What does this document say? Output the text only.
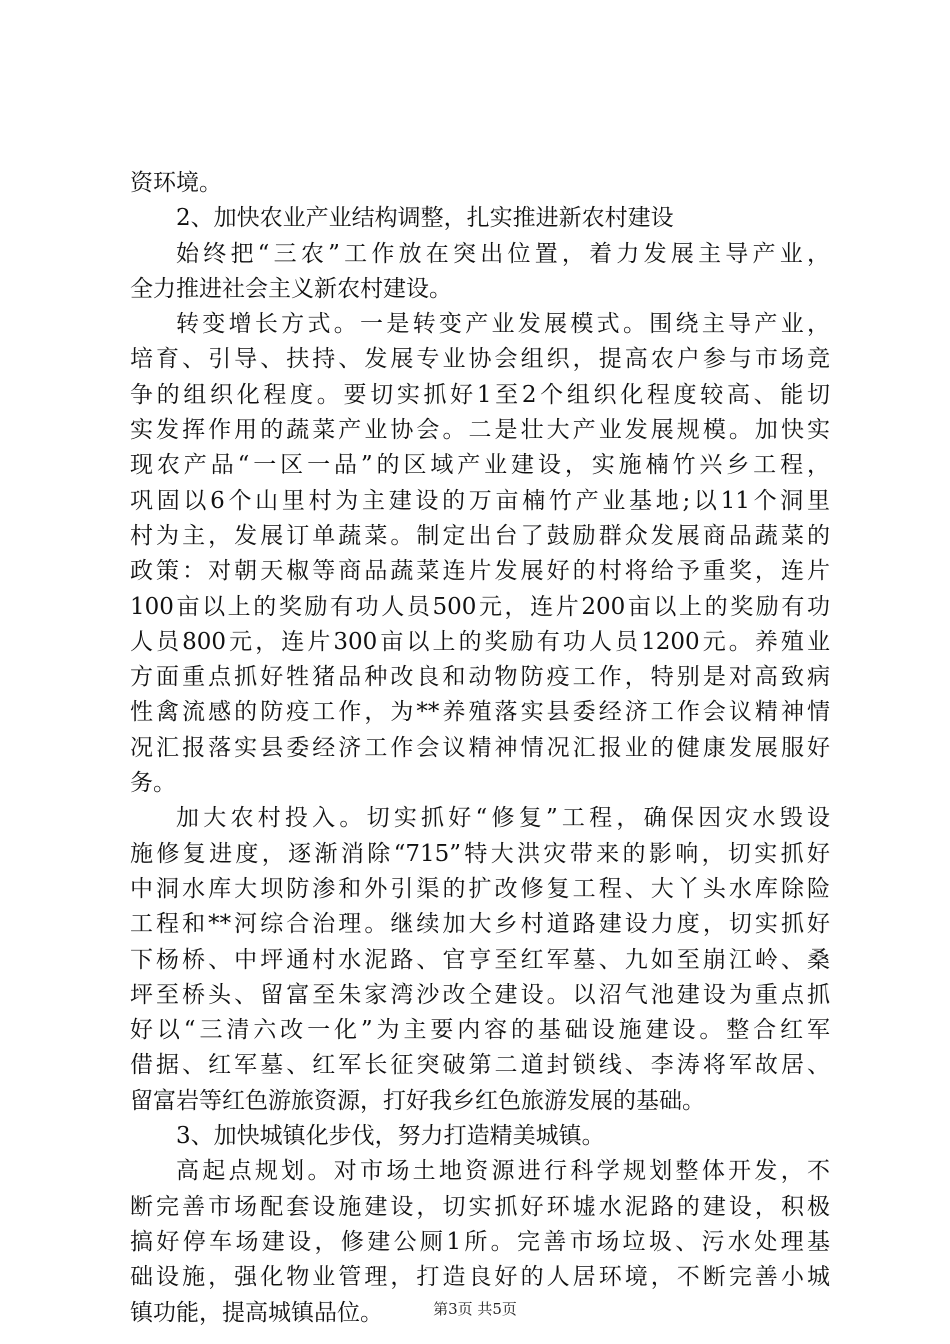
资环境。
2、加快农业产业结构调整，扎实推进新农村建设
始终把“三农”工作放在突出位置，着力发展主导产业，
全力推进社会主义新农村建设。
转变增长方式。一是转变产业发展模式。围绕主导产业，
培育、引导、扶持、发展专业协会组织，提高农户参与市场竞
争的组织化程度。要切实抓好1至2个组织化程度较高、能切
实发挥作用的蔬菜产业协会。二是壮大产业发展规模。加快实
现农产品“一区一品”的区域产业建设，实施楠竹兴乡工程，
巩固以6个山里村为主建设的万亩楠竹产业基地;以11个洞里
村为主，发展订单蔬菜。制定出台了鼓励群众发展商品蔬菜的
政策：对朝天椒等商品蔬菜连片发展好的村将给予重奖，连片
100亩以上的奖励有功人员500元，连片200亩以上的奖励有功
人员800元，连片300亩以上的奖励有功人员1200元。养殖业
方面重点抓好牲猪品种改良和动物防疫工作，特别是对高致病
性禽流感的防疫工作，为**养殖落实县委经济工作会议精神情
况汇报落实县委经济工作会议精神情况汇报业的健康发展服好
务。
加大农村投入。切实抓好“修复”工程，确保因灾水毁设
施修复进度，逐渐消除“715”特大洪灾带来的影响，切实抓好
中洞水库大坝防渗和外引渠的扩改修复工程、大丫头水库除险
工程和**河综合治理。继续加大乡村道路建设力度，切实抓好
下杨桥、中坪通村水泥路、官亨至红军墓、九如至崩江岭、桑
坪至桥头、留富至朱家湾沙改仝建设。以沼气池建设为重点抓
好以“三清六改一化”为主要内容的基础设施建设。整合红军
借据、红军墓、红军长征突破第二道封锁线、李涛将军故居、
留富岩等红色游旅资源，打好我乡红色旅游发展的基础。
3、加快城镇化步伐，努力打造精美城镇。
高起点规划。对市场土地资源进行科学规划整体开发，不
断完善市场配套设施建设，切实抓好环墟水泥路的建设，积极
搞好停车场建设，修建公厕1所。完善市场垃圾、污水处理基
础设施，强化物业管理，打造良好的人居环境，不断完善小城
镇功能，提高城镇品位。	第3页 共5页
